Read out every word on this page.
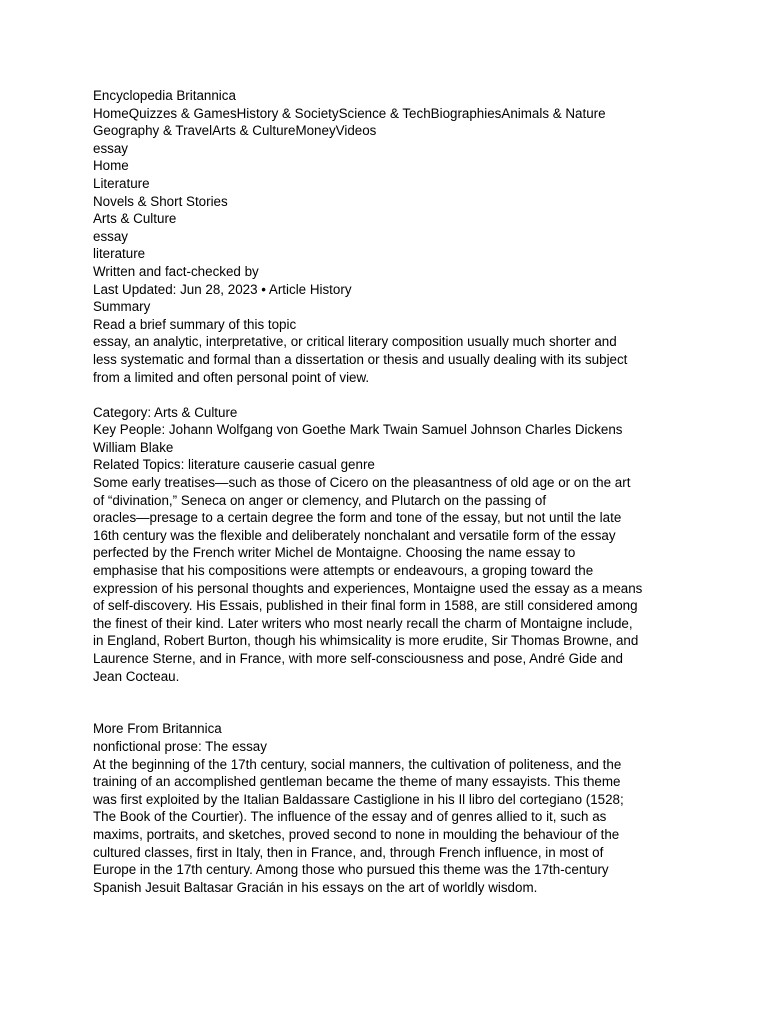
Encyclopedia Britannica
HomeQuizzes & GamesHistory & SocietyScience & TechBiographiesAnimals & Nature
Geography & TravelArts & CultureMoneyVideos
essay
Home
Literature
Novels & Short Stories
Arts & Culture
essay
literature
Written and fact-checked by
Last Updated: Jun 28, 2023 • Article History
Summary
Read a brief summary of this topic
essay, an analytic, interpretative, or critical literary composition usually much shorter and
less systematic and formal than a dissertation or thesis and usually dealing with its subject
from a limited and often personal point of view.
Category: Arts & Culture
Key People: Johann Wolfgang von Goethe Mark Twain Samuel Johnson Charles Dickens
William Blake
Related Topics: literature causerie casual genre
Some early treatises—such as those of Cicero on the pleasantness of old age or on the art
of “divination,” Seneca on anger or clemency, and Plutarch on the passing of
oracles—presage to a certain degree the form and tone of the essay, but not until the late
16th century was the flexible and deliberately nonchalant and versatile form of the essay
perfected by the French writer Michel de Montaigne. Choosing the name essay to
emphasise that his compositions were attempts or endeavours, a groping toward the
expression of his personal thoughts and experiences, Montaigne used the essay as a means
of self-discovery. His Essais, published in their final form in 1588, are still considered among
the finest of their kind. Later writers who most nearly recall the charm of Montaigne include,
in England, Robert Burton, though his whimsicality is more erudite, Sir Thomas Browne, and
Laurence Sterne, and in France, with more self-consciousness and pose, André Gide and
Jean Cocteau.
More From Britannica
nonfictional prose: The essay
At the beginning of the 17th century, social manners, the cultivation of politeness, and the
training of an accomplished gentleman became the theme of many essayists. This theme
was first exploited by the Italian Baldassare Castiglione in his Il libro del cortegiano (1528;
The Book of the Courtier). The influence of the essay and of genres allied to it, such as
maxims, portraits, and sketches, proved second to none in moulding the behaviour of the
cultured classes, first in Italy, then in France, and, through French influence, in most of
Europe in the 17th century. Among those who pursued this theme was the 17th-century
Spanish Jesuit Baltasar Gracián in his essays on the art of worldly wisdom.
